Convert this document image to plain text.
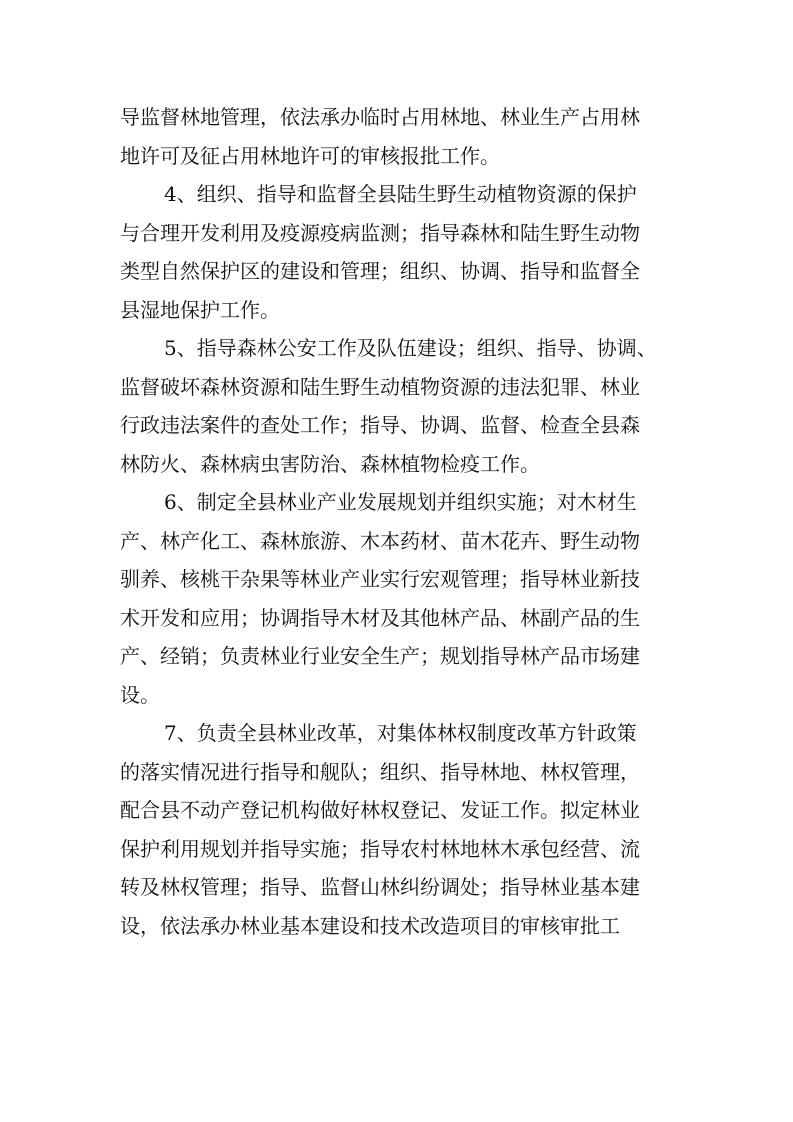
导监督林地管理，依法承办临时占用林地、林业生产占用林
地许可及征占用林地许可的审核报批工作。
4、组织、指导和监督全县陆生野生动植物资源的保护
与合理开发利用及疫源疫病监测；指导森林和陆生野生动物
类型自然保护区的建设和管理；组织、协调、指导和监督全
县湿地保护工作。
5、指导森林公安工作及队伍建设；组织、指导、协调、
监督破坏森林资源和陆生野生动植物资源的违法犯罪、林业
行政违法案件的查处工作；指导、协调、监督、检查全县森
林防火、森林病虫害防治、森林植物检疫工作。
6、制定全县林业产业发展规划并组织实施；对木材生
产、林产化工、森林旅游、木本药材、苗木花卉、野生动物
驯养、核桃干杂果等林业产业实行宏观管理；指导林业新技
术开发和应用；协调指导木材及其他林产品、林副产品的生
产、经销；负责林业行业安全生产；规划指导林产品市场建
设。
7、负责全县林业改革，对集体林权制度改革方针政策
的落实情况进行指导和舰队；组织、指导林地、林权管理，
配合县不动产登记机构做好林权登记、发证工作。拟定林业
保护利用规划并指导实施；指导农村林地林木承包经营、流
转及林权管理；指导、监督山林纠纷调处；指导林业基本建
设，依法承办林业基本建设和技术改造项目的审核审批工
